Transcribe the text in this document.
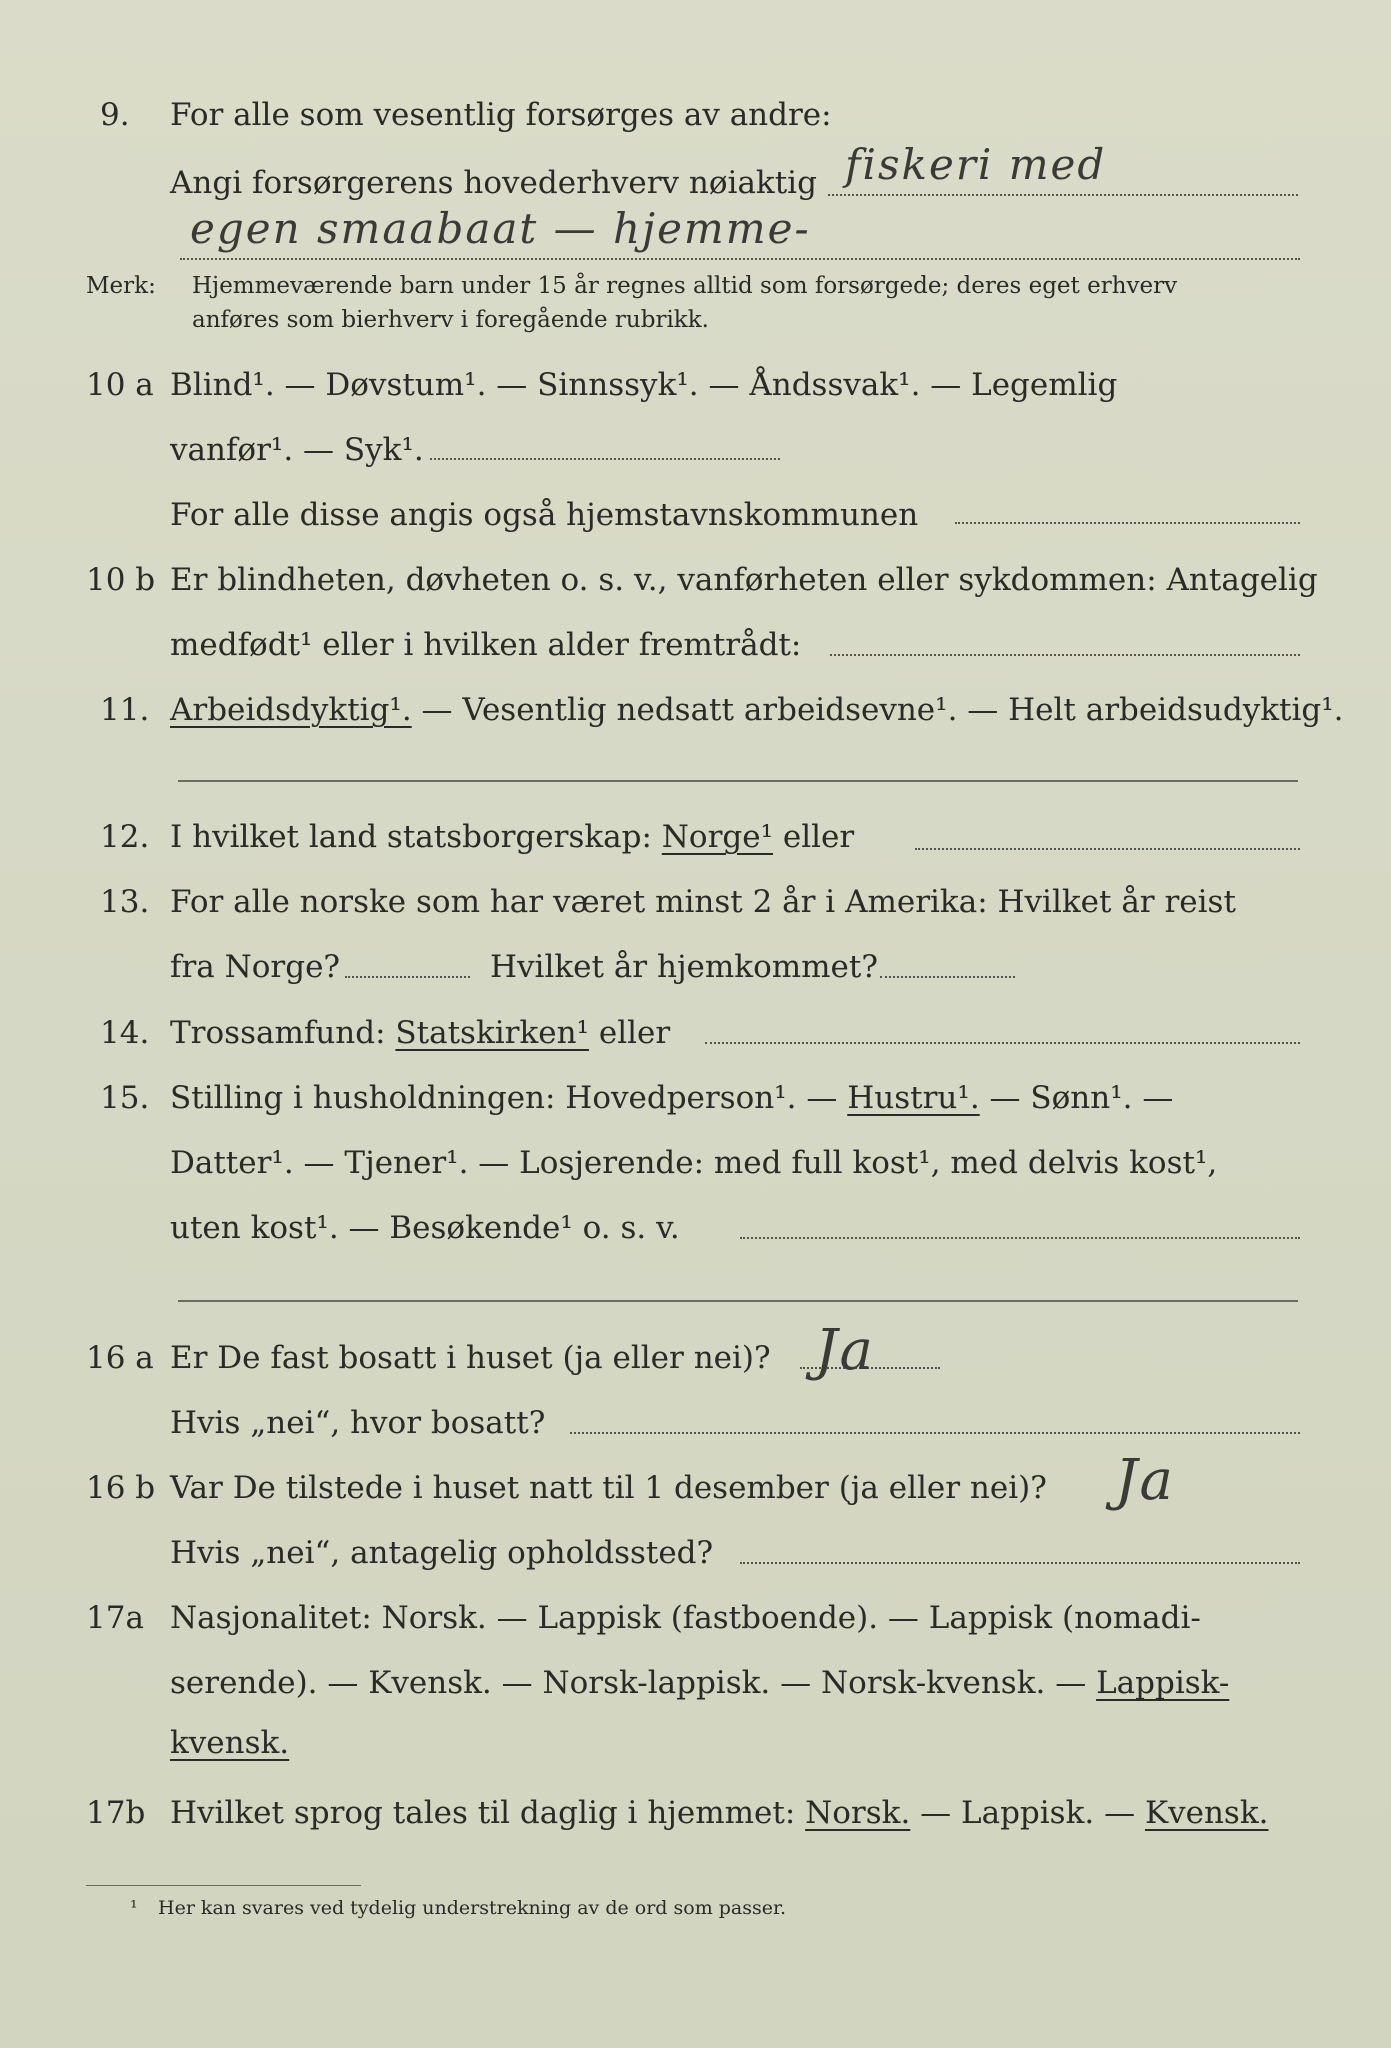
9. For alle som vesentlig forsørges av andre:
Angi forsørgerens hovederhverv nøiaktig fiskeri med
egen smaabaat — hjemme-
Merk: Hjemmeværende barn under 15 år regnes alltid som forsørgede; deres eget erhverv
anføres som bierhverv i foregående rubrikk.
10 a Blind¹. — Døvstum¹. — Sinnssyk¹. — Åndssvak¹. — Legemlig
vanfør¹. — Syk¹.
For alle disse angis også hjemstavnskommunen
10 b Er blindheten, døvheten o. s. v., vanførheten eller sykdommen: Antagelig
medfødt¹ eller i hvilken alder fremtrådt:
11. Arbeidsdyktig¹. — Vesentlig nedsatt arbeidsevne¹. — Helt arbeidsudyktig¹.
12. I hvilket land statsborgerskap: Norge¹ eller
13. For alle norske som har været minst 2 år i Amerika: Hvilket år reist
fra Norge?	Hvilket år hjemkommet?
14. Trossamfund: Statskirken¹ eller
15. Stilling i husholdningen: Hovedperson¹. — Hustru¹. — Sønn¹. —
Datter¹. — Tjener¹. — Losjerende: med full kost¹, med delvis kost¹,
uten kost¹. — Besøkende¹ o. s. v.
16 a Er De fast bosatt i huset (ja eller nei)? Ja
Hvis „nei“, hvor bosatt?
16 b Var De tilstede i huset natt til 1 desember (ja eller nei)? Ja
Hvis „nei“, antagelig opholdssted?
17a Nasjonalitet: Norsk. — Lappisk (fastboende). — Lappisk (nomadi-
serende). — Kvensk. — Norsk-lappisk. — Norsk-kvensk. — Lappisk-
kvensk.
17b Hvilket sprog tales til daglig i hjemmet: Norsk. — Lappisk. — Kvensk.
¹ Her kan svares ved tydelig understrekning av de ord som passer.
